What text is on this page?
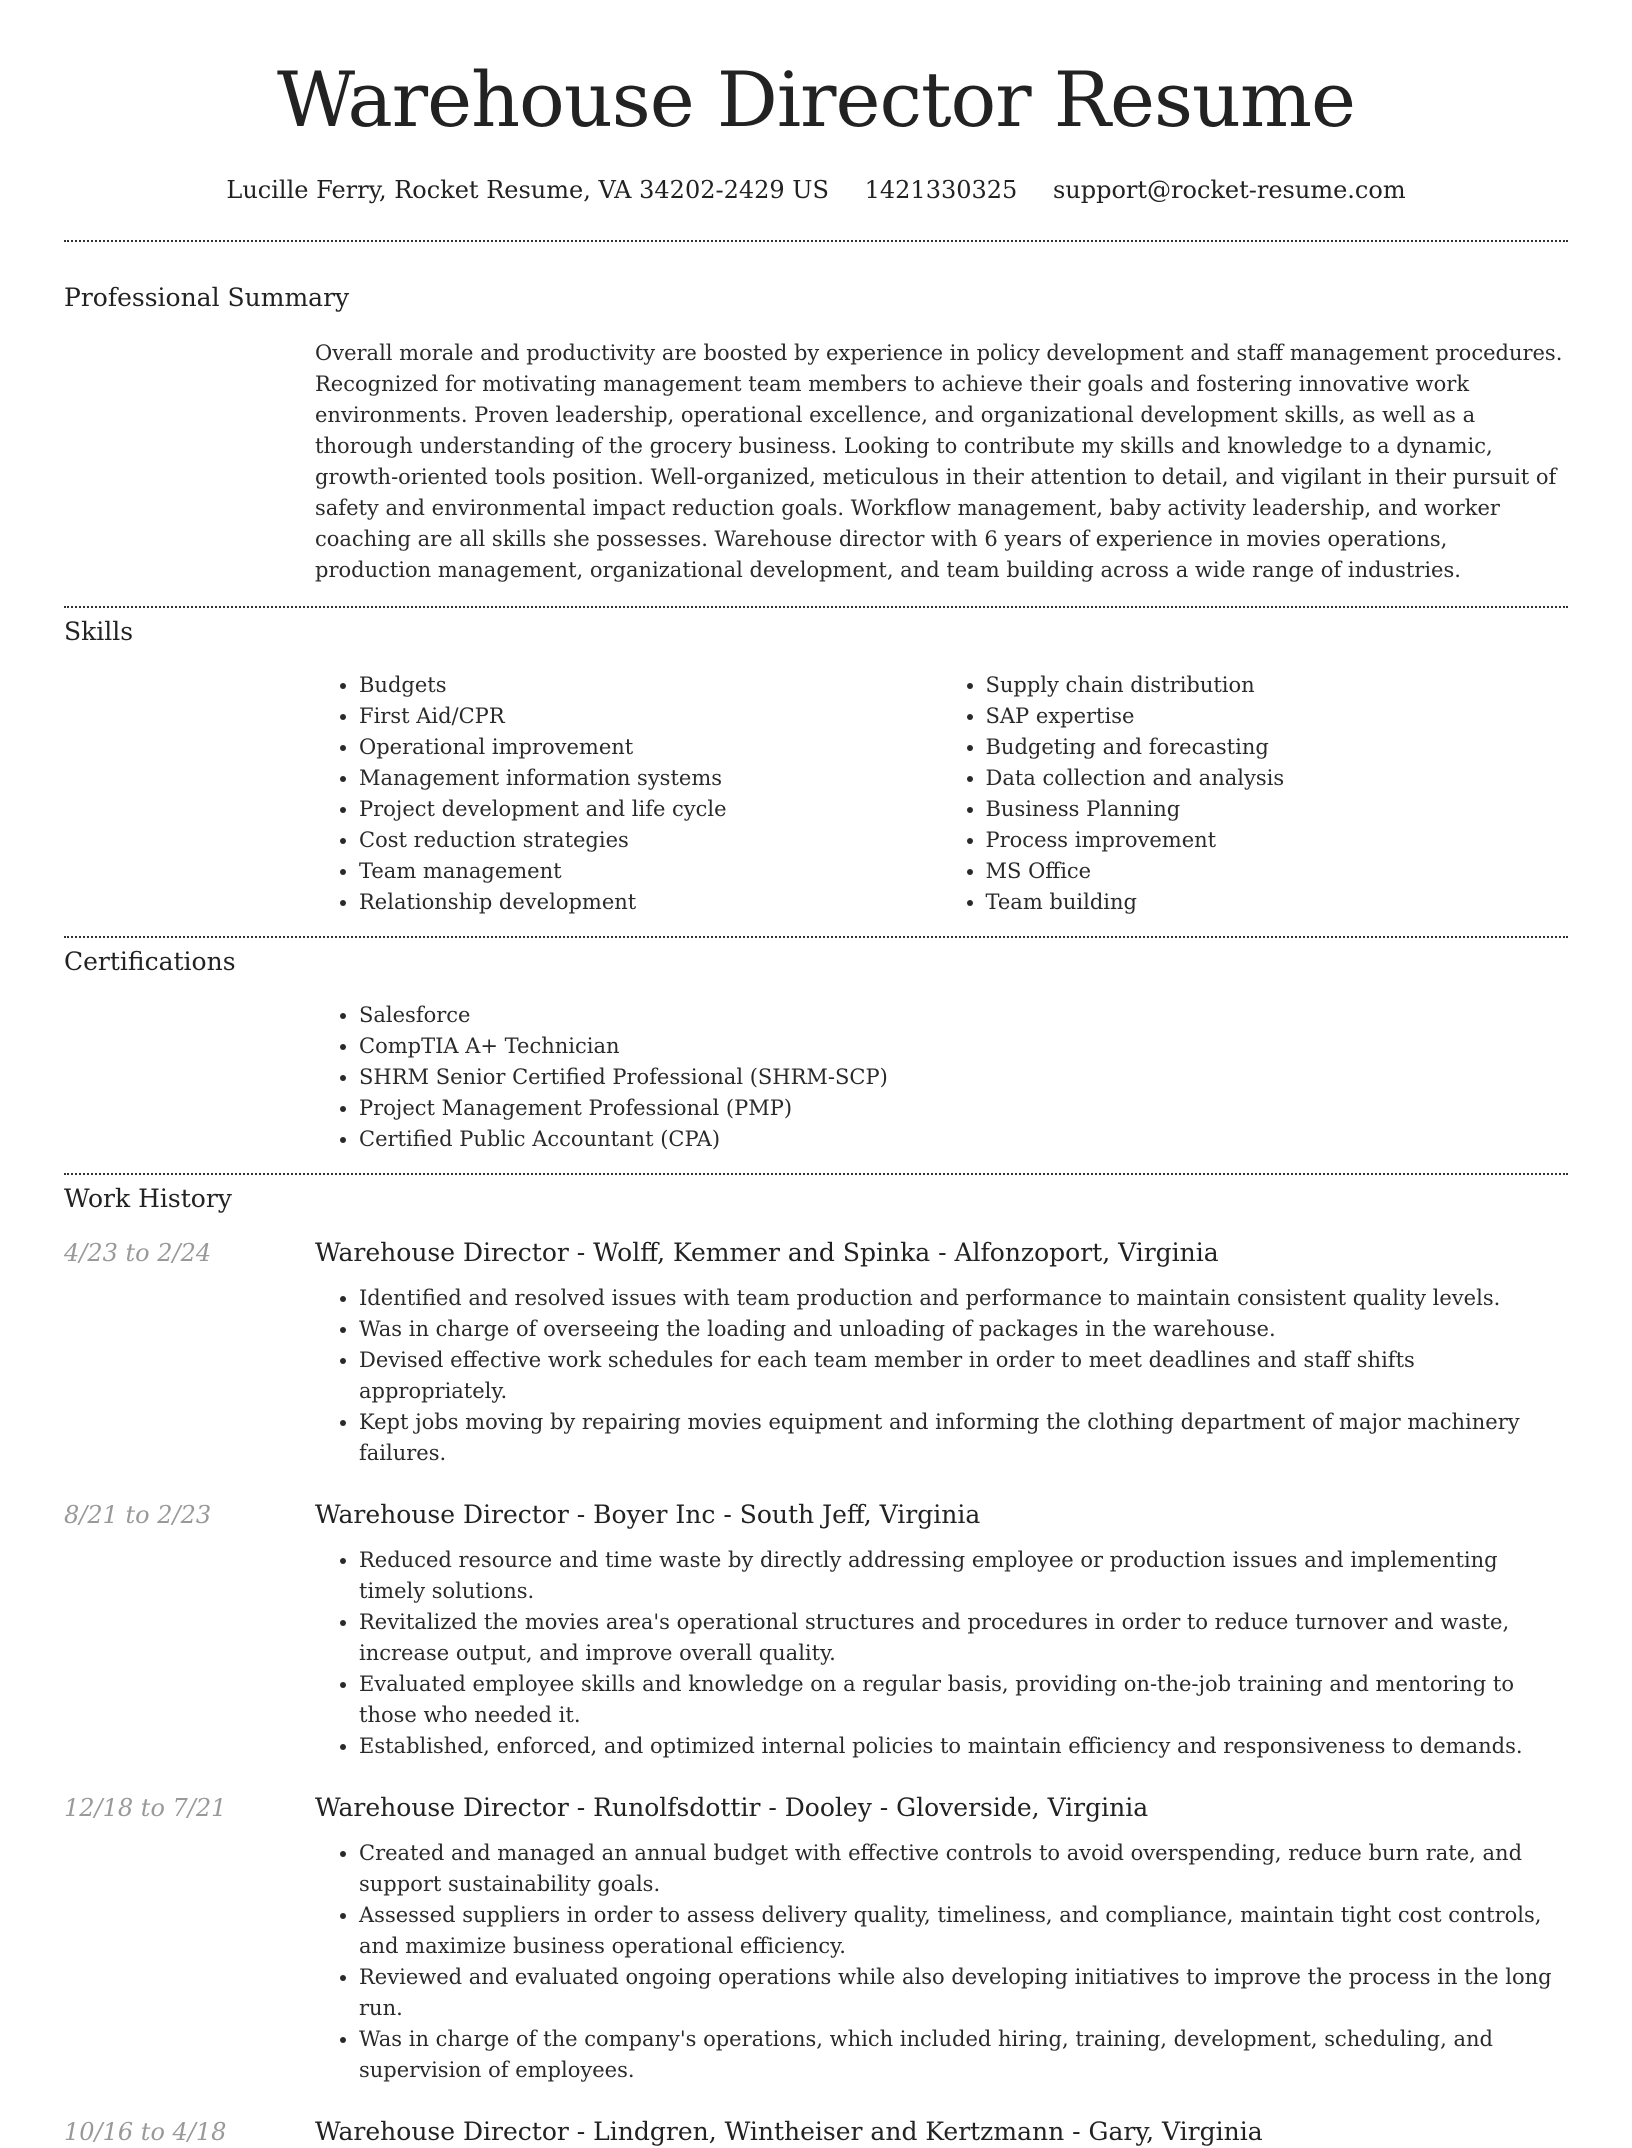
Warehouse Director Resume
Lucille Ferry, Rocket Resume, VA 34202-2429 US 1421330325 support@rocket-resume.com
Professional Summary
Overall morale and productivity are boosted by experience in policy development and staff management procedures. Recognized for motivating management team members to achieve their goals and fostering innovative work environments. Proven leadership, operational excellence, and organizational development skills, as well as a thorough understanding of the grocery business. Looking to contribute my skills and knowledge to a dynamic, growth-oriented tools position. Well-organized, meticulous in their attention to detail, and vigilant in their pursuit of safety and environmental impact reduction goals. Workflow management, baby activity leadership, and worker coaching are all skills she possesses. Warehouse director with 6 years of experience in movies operations, production management, organizational development, and team building across a wide range of industries.
Skills
• Budgets
• First Aid/CPR
• Operational improvement
• Management information systems
• Project development and life cycle
• Cost reduction strategies
• Team management
• Relationship development
• Supply chain distribution
• SAP expertise
• Budgeting and forecasting
• Data collection and analysis
• Business Planning
• Process improvement
• MS Office
• Team building
Certifications
• Salesforce
• CompTIA A+ Technician
• SHRM Senior Certified Professional (SHRM-SCP)
• Project Management Professional (PMP)
• Certified Public Accountant (CPA)
Work History
4/23 to 2/24	Warehouse Director - Wolff, Kemmer and Spinka - Alfonzoport, Virginia
• Identified and resolved issues with team production and performance to maintain consistent quality levels.
• Was in charge of overseeing the loading and unloading of packages in the warehouse.
• Devised effective work schedules for each team member in order to meet deadlines and staff shifts appropriately.
• Kept jobs moving by repairing movies equipment and informing the clothing department of major machinery failures.
8/21 to 2/23	Warehouse Director - Boyer Inc - South Jeff, Virginia
• Reduced resource and time waste by directly addressing employee or production issues and implementing timely solutions.
• Revitalized the movies area's operational structures and procedures in order to reduce turnover and waste, increase output, and improve overall quality.
• Evaluated employee skills and knowledge on a regular basis, providing on-the-job training and mentoring to those who needed it.
• Established, enforced, and optimized internal policies to maintain efficiency and responsiveness to demands.
12/18 to 7/21	Warehouse Director - Runolfsdottir - Dooley - Gloverside, Virginia
• Created and managed an annual budget with effective controls to avoid overspending, reduce burn rate, and support sustainability goals.
• Assessed suppliers in order to assess delivery quality, timeliness, and compliance, maintain tight cost controls, and maximize business operational efficiency.
• Reviewed and evaluated ongoing operations while also developing initiatives to improve the process in the long run.
• Was in charge of the company's operations, which included hiring, training, development, scheduling, and supervision of employees.
10/16 to 4/18	Warehouse Director - Lindgren, Wintheiser and Kertzmann - Gary, Virginia
